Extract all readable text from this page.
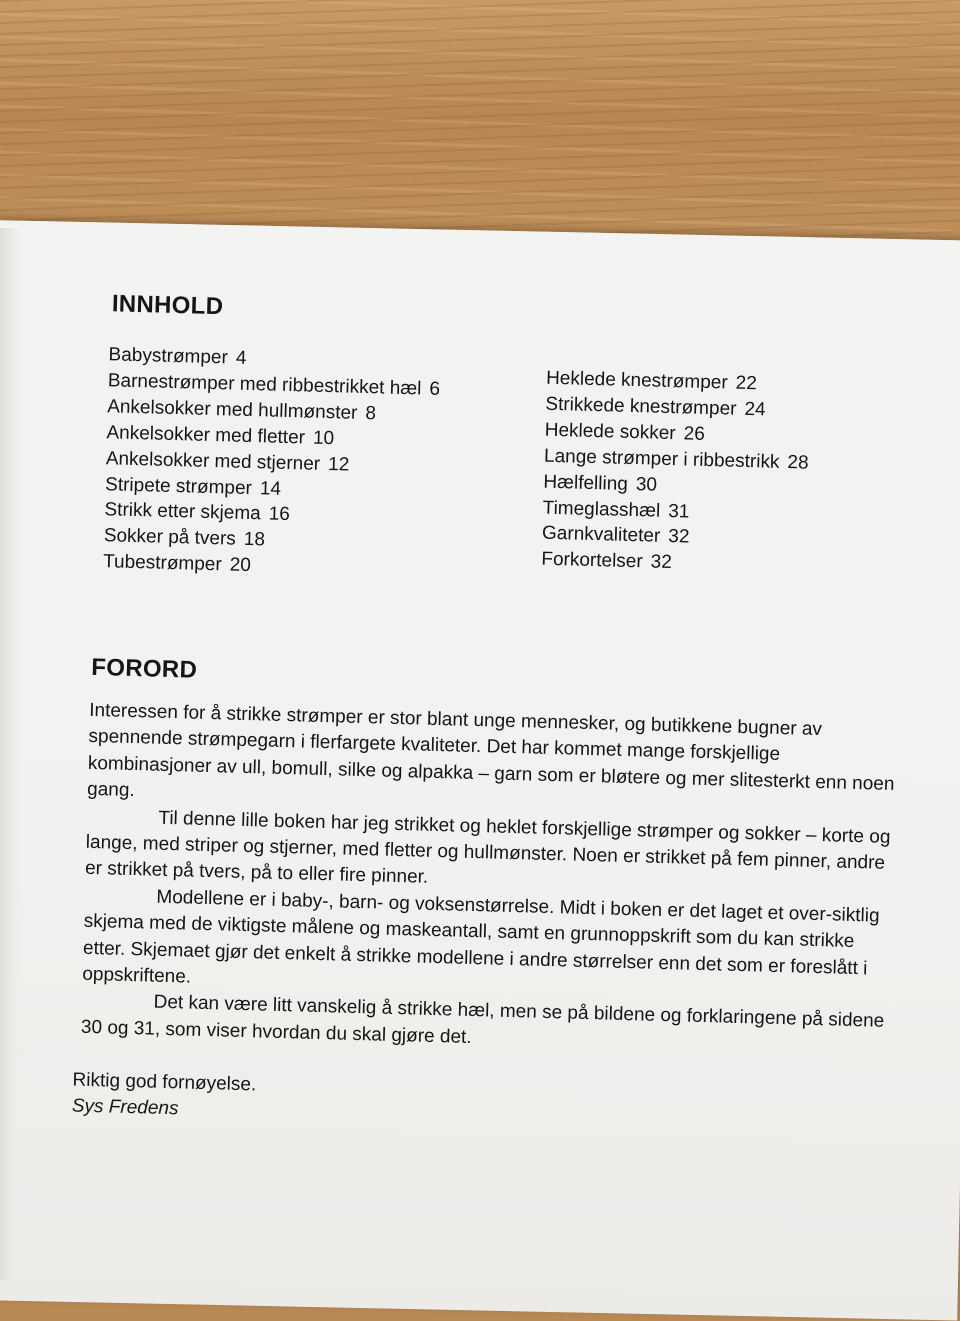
INNHOLD
Babystrømper 4
Barnestrømper med ribbestrikket hæl 6
Ankelsokker med hullmønster 8
Ankelsokker med fletter 10
Ankelsokker med stjerner 12
Stripete strømper 14
Strikk etter skjema 16
Sokker på tvers 18
Tubestrømper 20
Heklede knestrømper 22
Strikkede knestrømper 24
Heklede sokker 26
Lange strømper i ribbestrikk 28
Hælfelling 30
Timeglasshæl 31
Garnkvaliteter 32
Forkortelser 32
FORORD

Interessen for å strikke strømper er stor blant unge mennesker, og butikkene bugner av spennende strømpegarn i flerfargete kvaliteter. Det har kommet mange forskjellige kombinasjoner av ull, bomull, silke og alpakka – garn som er bløtere og mer slitesterkt enn noen gang.

Til denne lille boken har jeg strikket og heklet forskjellige strømper og sokker – korte og lange, med striper og stjerner, med fletter og hullmønster. Noen er strikket på fem pinner, andre er strikket på tvers, på to eller fire pinner.

Modellene er i baby-, barn- og voksenstørrelse. Midt i boken er det laget et over-siktlig skjema med de viktigste målene og maskeantall, samt en grunnoppskrift som du kan strikke etter. Skjemaet gjør det enkelt å strikke modellene i andre størrelser enn det som er foreslått i oppskriftene.

Det kan være litt vanskelig å strikke hæl, men se på bildene og forklaringene på sidene 30 og 31, som viser hvordan du skal gjøre det.

Riktig god fornøyelse.
Sys Fredens
